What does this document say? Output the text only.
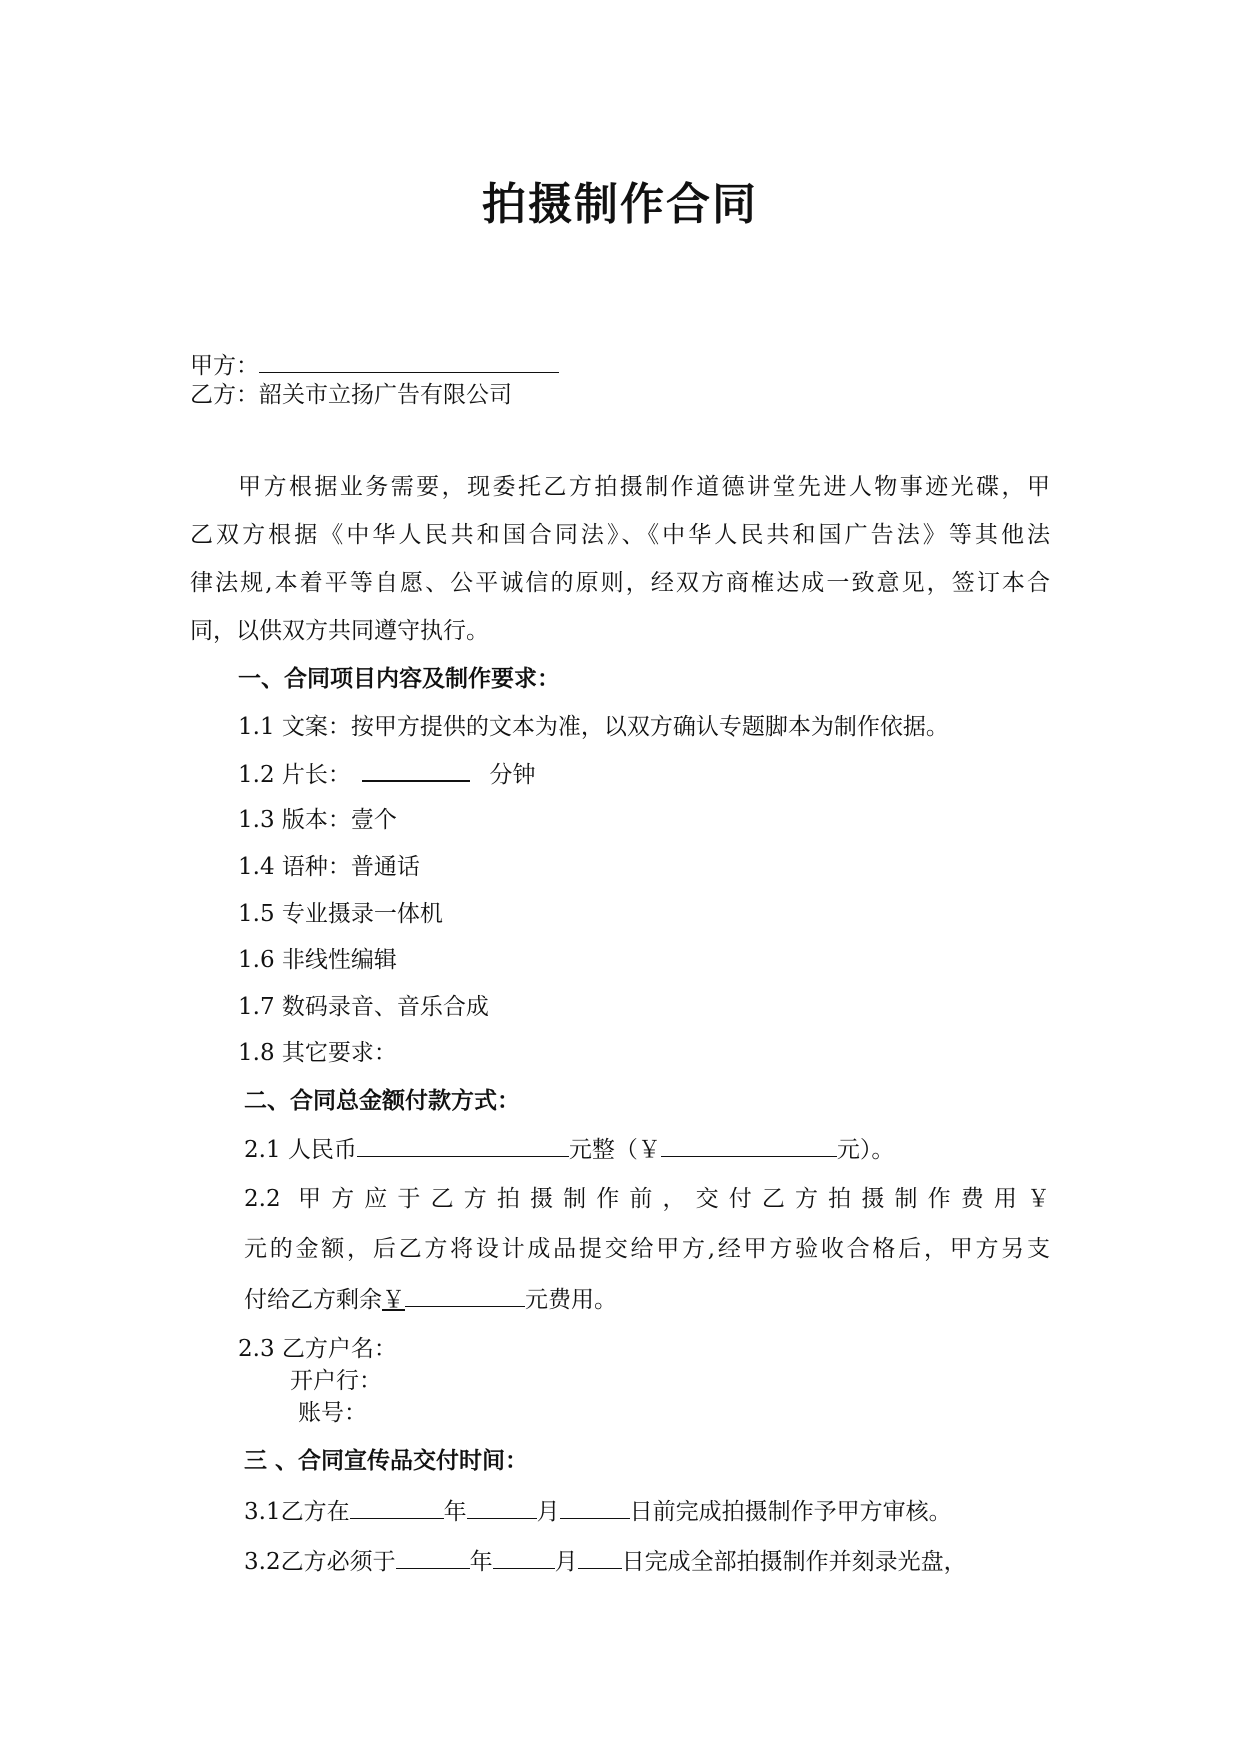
拍摄制作合同
甲方：
乙方：韶关市立扬广告有限公司
甲方根据业务需要，现委托乙方拍摄制作道德讲堂先进人物事迹光碟，甲
乙双方根据《中华人民共和国合同法》、《中华人民共和国广告法》等其他法
律法规,本着平等自愿、公平诚信的原则，经双方商榷达成一致意见，签订本合
同，以供双方共同遵守执行。
一、合同项目内容及制作要求：
1.1 文案：按甲方提供的文本为准，以双方确认专题脚本为制作依据。
1.2 片长：	分钟
1.3 版本：壹个
1.4 语种：普通话
1.5 专业摄录一体机
1.6 非线性编辑
1.7 数码录音、音乐合成
1.8 其它要求：
二、合同总金额付款方式：
2.1 人民币	元整（￥	元）。
2.2 甲方应于乙方拍摄制作前，交付乙方拍摄制作费用￥
元的金额，后乙方将设计成品提交给甲方,经甲方验收合格后，甲方另支
付给乙方剩余￥	元费用。
2.3 乙方户名：
开户行：
账号：
三 、合同宣传品交付时间：
3.1乙方在	年	月	日前完成拍摄制作予甲方审核。
3.2乙方必须于	年	月 日完成全部拍摄制作并刻录光盘，
